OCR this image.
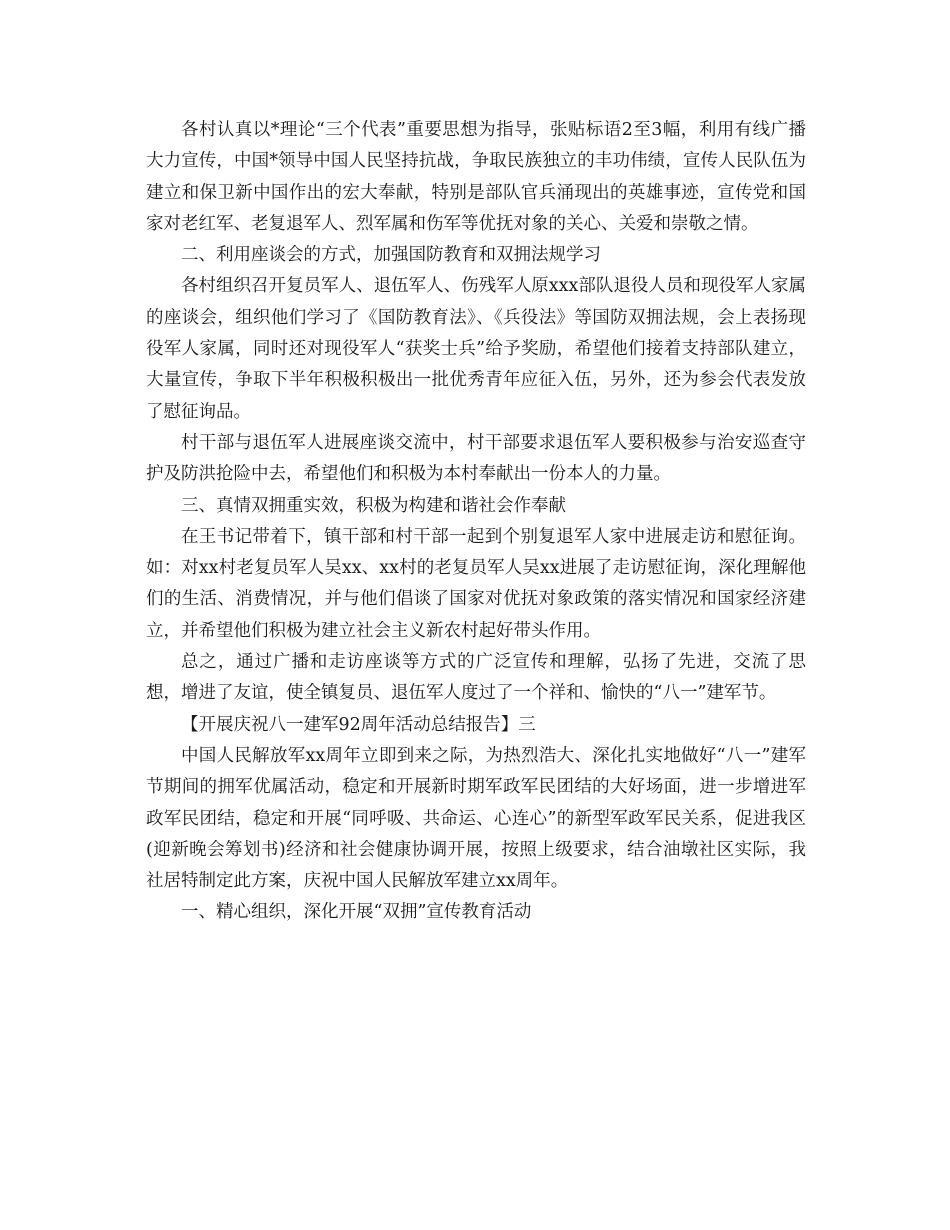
各村认真以*理论“三个代表”重要思想为指导，张贴标语2至3幅，利用有线广播大力宣传，中国*领导中国人民坚持抗战，争取民族独立的丰功伟绩，宣传人民队伍为建立和保卫新中国作出的宏大奉献，特别是部队官兵涌现出的英雄事迹，宣传党和国家对老红军、老复退军人、烈军属和伤军等优抚对象的关心、关爱和崇敬之情。

二、利用座谈会的方式，加强国防教育和双拥法规学习

各村组织召开复员军人、退伍军人、伤残军人原xxx部队退役人员和现役军人家属的座谈会，组织他们学习了《国防教育法》、《兵役法》等国防双拥法规，会上表扬现役军人家属，同时还对现役军人“获奖士兵”给予奖励，希望他们接着支持部队建立，大量宣传，争取下半年积极积极出一批优秀青年应征入伍，另外，还为参会代表发放了慰征询品。

村干部与退伍军人进展座谈交流中，村干部要求退伍军人要积极参与治安巡查守护及防洪抢险中去，希望他们和积极为本村奉献出一份本人的力量。

三、真情双拥重实效，积极为构建和谐社会作奉献

在王书记带着下，镇干部和村干部一起到个别复退军人家中进展走访和慰征询。如：对xx村老复员军人吴xx、xx村的老复员军人吴xx进展了走访慰征询，深化理解他们的生活、消费情况，并与他们倡谈了国家对优抚对象政策的落实情况和国家经济建立，并希望他们积极为建立社会主义新农村起好带头作用。

总之，通过广播和走访座谈等方式的广泛宣传和理解，弘扬了先进，交流了思想，增进了友谊，使全镇复员、退伍军人度过了一个祥和、愉快的“八一”建军节。

【开展庆祝八一建军92周年活动总结报告】三

中国人民解放军xx周年立即到来之际，为热烈浩大、深化扎实地做好“八一”建军节期间的拥军优属活动，稳定和开展新时期军政军民团结的大好场面，进一步增进军政军民团结，稳定和开展“同呼吸、共命运、心连心”的新型军政军民关系，促进我区(迎新晚会筹划书)经济和社会健康协调开展，按照上级要求，结合油墩社区实际，我社居特制定此方案，庆祝中国人民解放军建立xx周年。

一、精心组织，深化开展“双拥”宣传教育活动
